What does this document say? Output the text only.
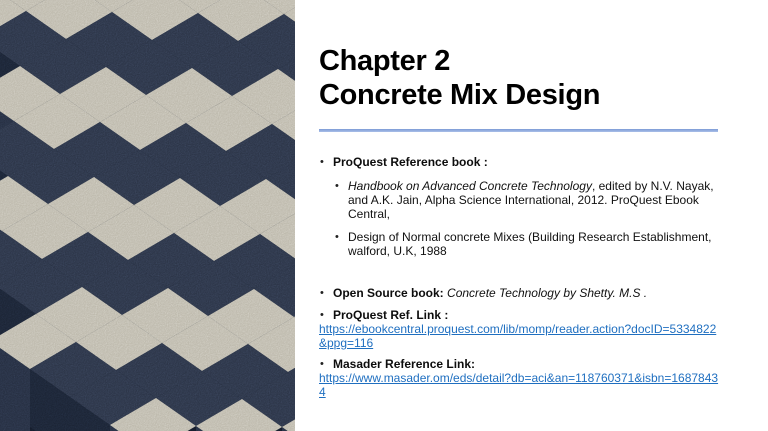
Chapter 2
Concrete Mix Design
• ProQuest Reference book :
• Handbook on Advanced Concrete Technology, edited by N.V. Nayak, and A.K. Jain, Alpha Science International, 2012. ProQuest Ebook Central,
• Design of Normal concrete Mixes (Building Research Establishment, walford, U.K, 1988
• Open Source book: Concrete Technology by Shetty. M.S .
• ProQuest Ref. Link :

https://ebookcentral.proquest.com/lib/momp/reader.action?docID=5334822&ppg=116

• Masader Reference Link:

https://www.masader.om/eds/detail?db=aci&an=118760371&isbn=16878434
